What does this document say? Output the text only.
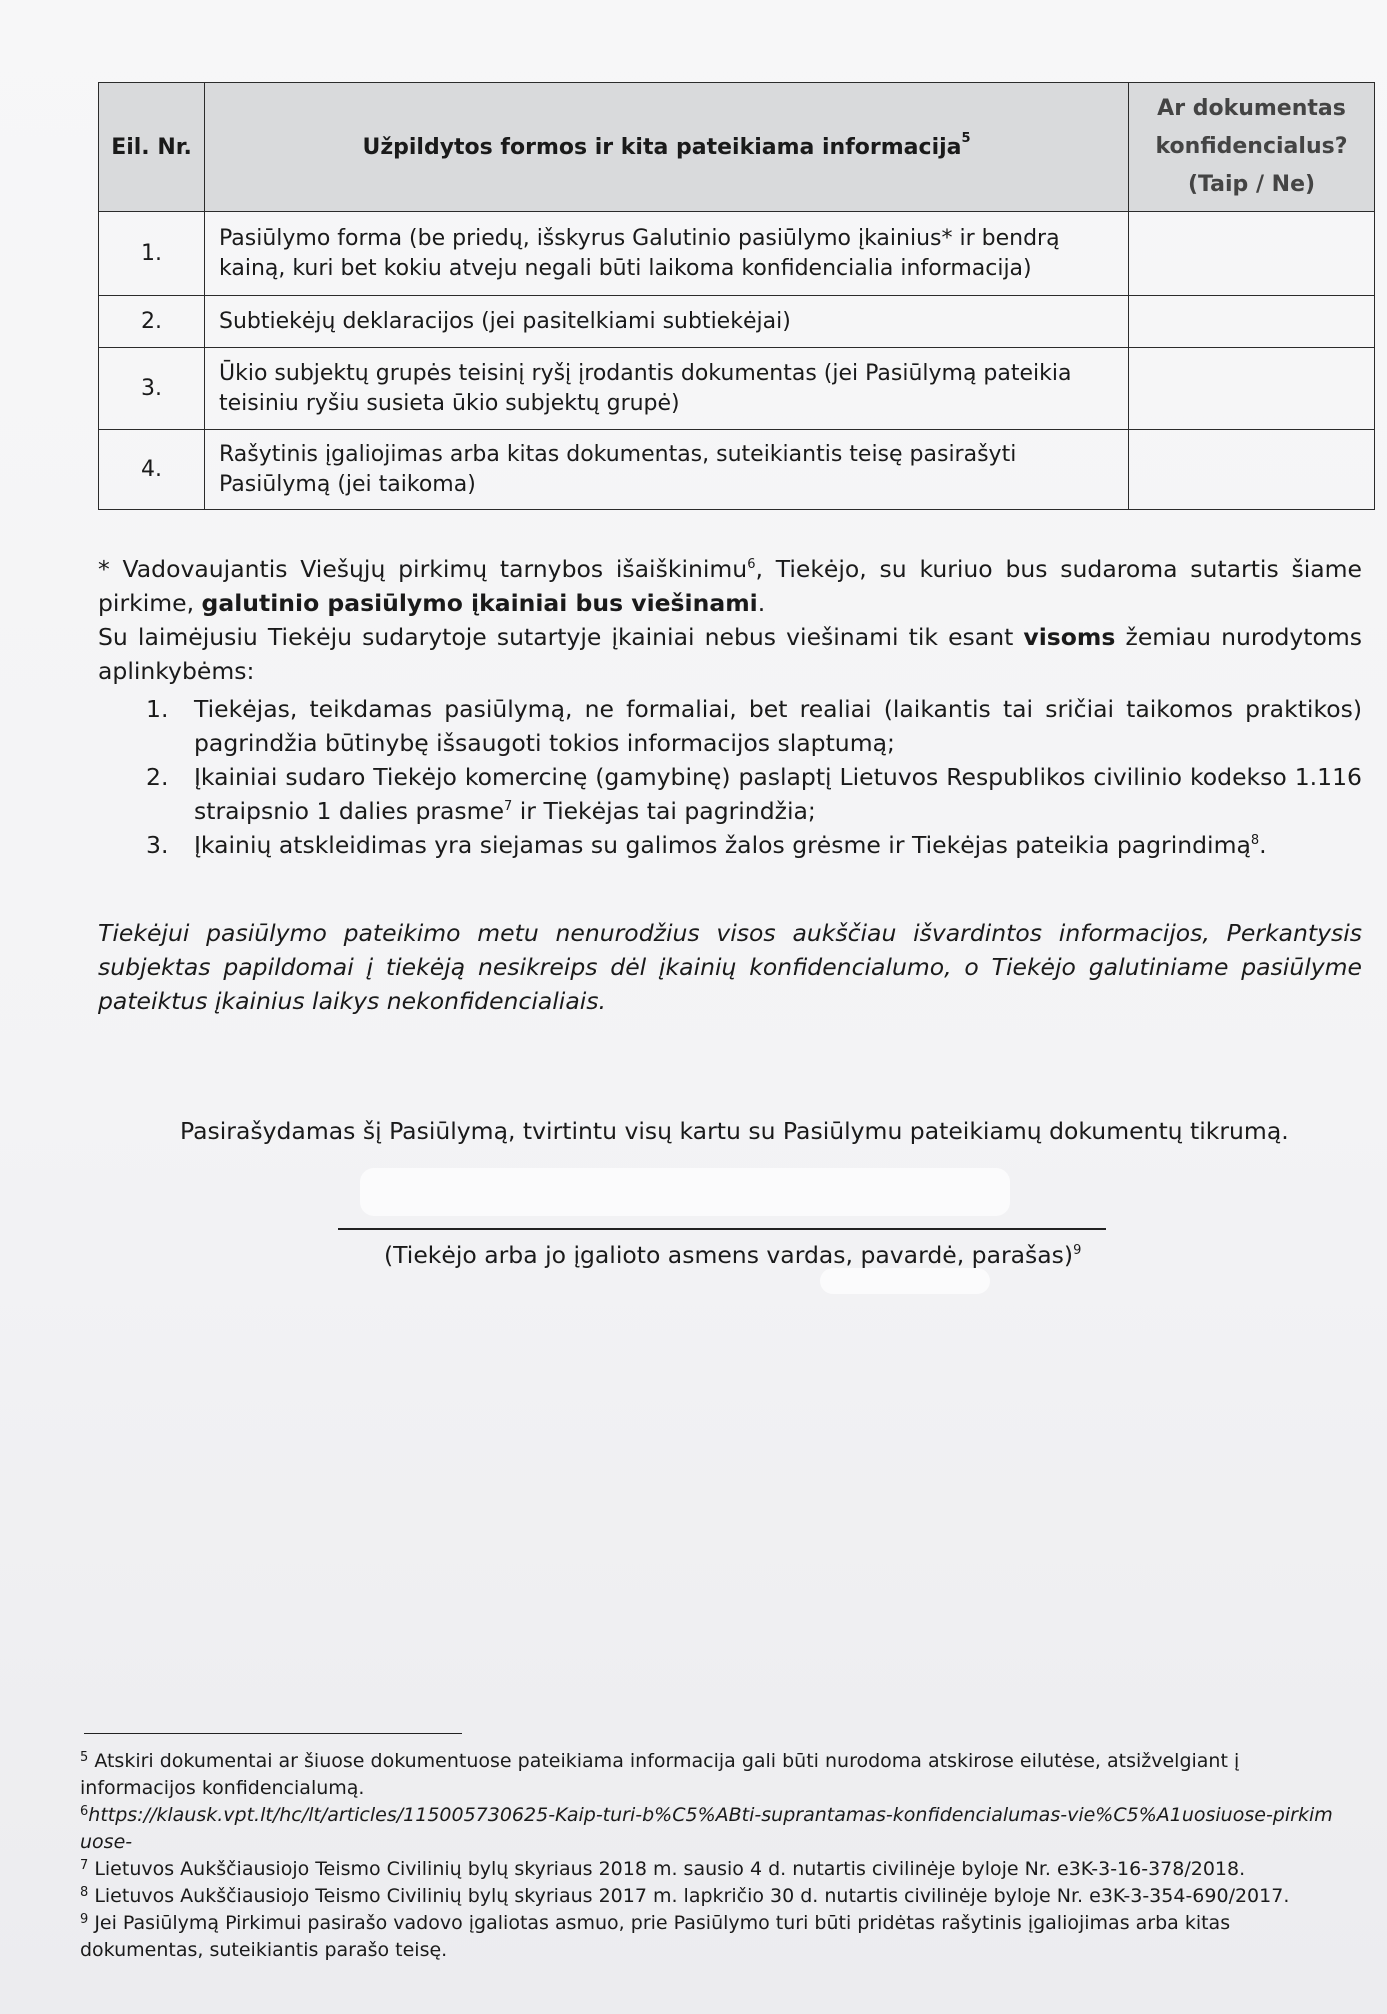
Eil. Nr.	Užpildytos formos ir kita pateikiama informacija$^5$	Ar dokumentas
konfidencialus?
(Taip / Ne)

1.	Pasiūlymo forma (be priedų, išskyrus Galutinio pasiūlymo įkainius* ir bendrą kainą, kuri bet kokiu atveju negali būti laikoma konfidencialia informacija)	
2.	Subtiekėjų deklaracijos (jei pasitelkiami subtiekėjai)	
3.	Ūkio subjektų grupės teisinį ryšį įrodantis dokumentas (jei Pasiūlymą pateikia teisiniu ryšiu susieta ūkio subjektų grupė)	
4.	Rašytinis įgaliojimas arba kitas dokumentas, suteikiantis teisę pasirašyti Pasiūlymą (jei taikoma)	

* Vadovaujantis Viešųjų pirkimų tarnybos išaiškinimu$^6$, Tiekėjo, su kuriuo bus sudaroma sutartis šiame pirkime, galutinio pasiūlymo įkainiai bus viešinami.

Su laimėjusiu Tiekėju sudarytoje sutartyje įkainiai nebus viešinami tik esant visoms žemiau nurodytoms aplinkybėms:

1. Tiekėjas, teikdamas pasiūlymą, ne formaliai, bet realiai (laikantis tai sričiai taikomos praktikos) pagrindžia būtinybę išsaugoti tokios informacijos slaptumą;
2. Įkainiai sudaro Tiekėjo komercinę (gamybinę) paslaptį Lietuvos Respublikos civilinio kodekso 1.116 straipsnio 1 dalies prasme$^7$ ir Tiekėjas tai pagrindžia;
3. Įkainių atskleidimas yra siejamas su galimos žalos grėsme ir Tiekėjas pateikia pagrindimą$^8$.

Tiekėjui pasiūlymo pateikimo metu nenurodžius visos aukščiau išvardintos informacijos, Perkantysis subjektas papildomai į tiekėją nesikreips dėl įkainių konfidencialumo, o Tiekėjo galutiniame pasiūlyme pateiktus įkainius laikys nekonfidencialiais.

Pasirašydamas šį Pasiūlymą, tvirtintu visų kartu su Pasiūlymu pateikiamų dokumentų tikrumą.

(Tiekėjo arba jo įgalioto asmens vardas, pavardė, parašas)$^9$

$^5$ Atskiri dokumentai ar šiuose dokumentuose pateikiama informacija gali būti nurodoma atskirose eilutėse, atsižvelgiant į informacijos konfidencialumą.

$^6$https://klausk.vpt.lt/hc/lt/articles/115005730625-Kaip-turi-b%C5%ABti-suprantamas-konfidencialumas-vie%C5%A1uosiuose-pirkimuose-

$^7$ Lietuvos Aukščiausiojo Teismo Civilinių bylų skyriaus 2018 m. sausio 4 d. nutartis civilinėje byloje Nr. e3K-3-16-378/2018.

$^8$ Lietuvos Aukščiausiojo Teismo Civilinių bylų skyriaus 2017 m. lapkričio 30 d. nutartis civilinėje byloje Nr. e3K-3-354-690/2017.

$^9$ Jei Pasiūlymą Pirkimui pasirašo vadovo įgaliotas asmuo, prie Pasiūlymo turi būti pridėtas rašytinis įgaliojimas arba kitas dokumentas, suteikiantis parašo teisę.
